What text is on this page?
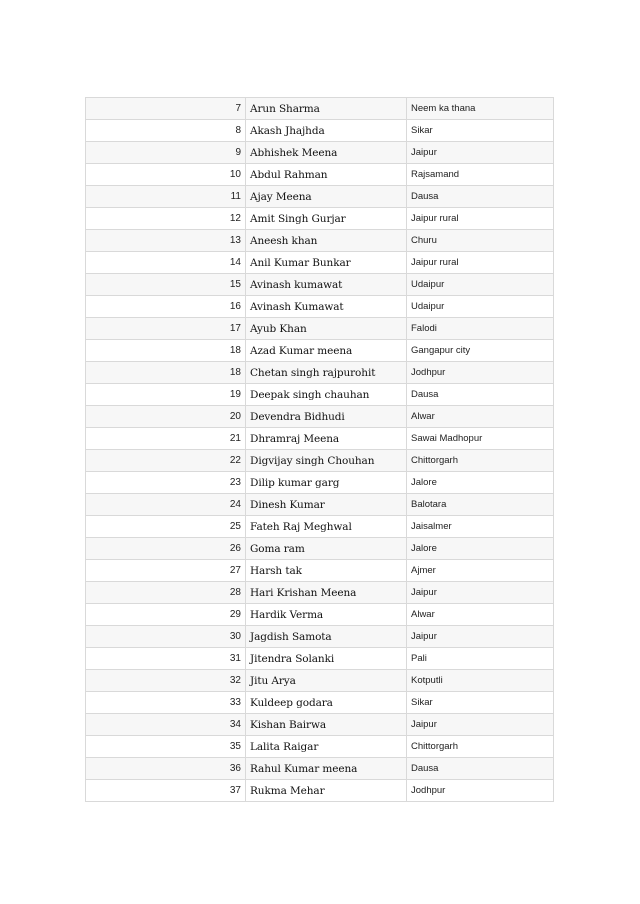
7	Arun Sharma	Neem ka thana
8	Akash Jhajhda	Sikar
9	Abhishek Meena	Jaipur
10	Abdul Rahman	Rajsamand
11	Ajay Meena	Dausa
12	Amit Singh Gurjar	Jaipur rural
13	Aneesh khan	Churu
14	Anil Kumar Bunkar	Jaipur rural
15	Avinash kumawat	Udaipur
16	Avinash Kumawat	Udaipur
17	Ayub Khan	Falodi
18	Azad Kumar meena	Gangapur city
18	Chetan singh rajpurohit	Jodhpur
19	Deepak singh chauhan	Dausa
20	Devendra Bidhudi	Alwar
21	Dhramraj Meena	Sawai Madhopur
22	Digvijay singh Chouhan	Chittorgarh
23	Dilip kumar garg	Jalore
24	Dinesh Kumar	Balotara
25	Fateh Raj Meghwal	Jaisalmer
26	Goma ram	Jalore
27	Harsh tak	Ajmer
28	Hari Krishan Meena	Jaipur
29	Hardik Verma	Alwar
30	Jagdish Samota	Jaipur
31	Jitendra Solanki	Pali
32	Jitu Arya	Kotputli
33	Kuldeep godara	Sikar
34	Kishan Bairwa	Jaipur
35	Lalita Raigar	Chittorgarh
36	Rahul Kumar meena	Dausa
37	Rukma Mehar	Jodhpur
